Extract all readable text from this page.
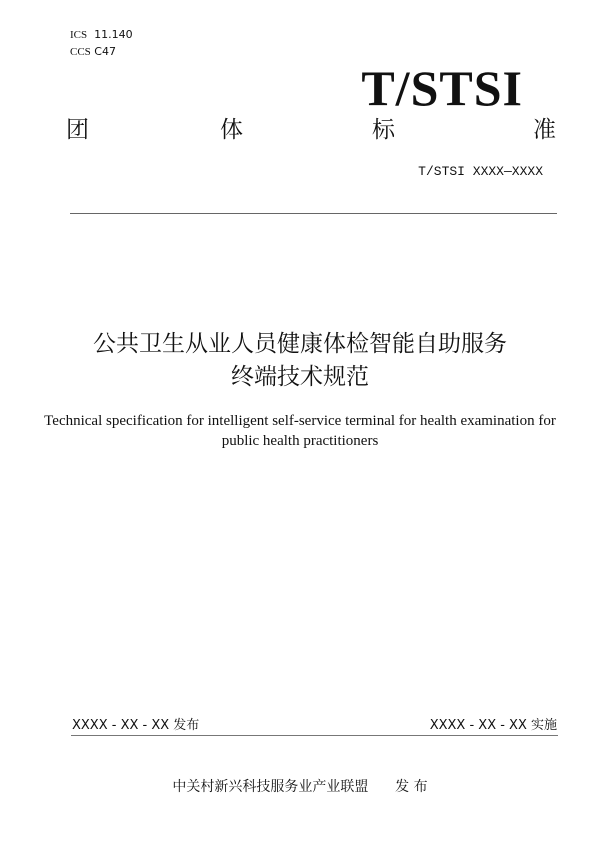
ICS 11.140
CCS C47
T/STSI
团	体	标	准
T/STSI XXXX—XXXX
公共卫生从业人员健康体检智能自助服务
终端技术规范
Technical specification for intelligent self-service terminal for health examination for
public health practitioners
XXXX - XX - XX 发布	XXXX - XX - XX 实施
中关村新兴科技服务业产业联盟 发 布
